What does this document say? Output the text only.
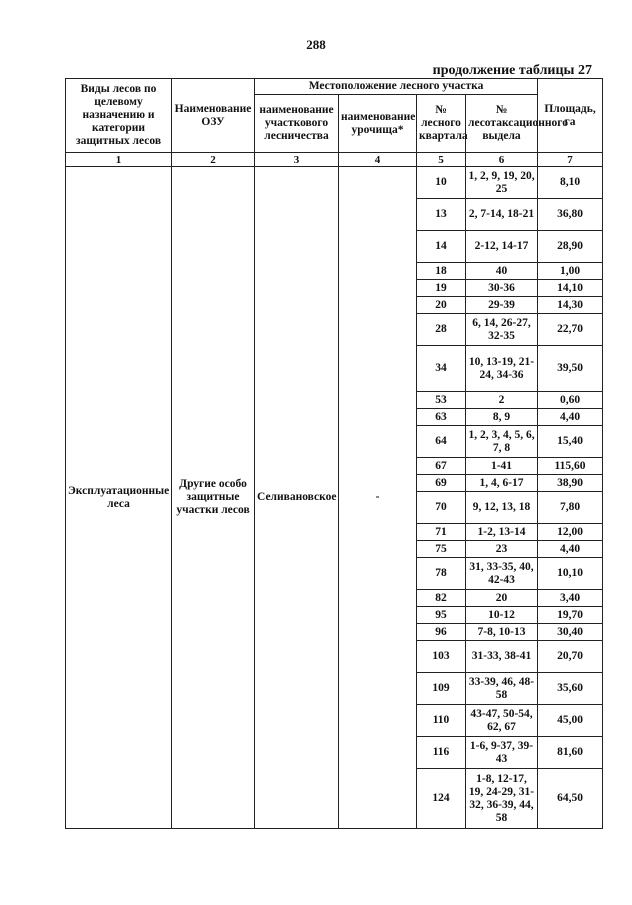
288
продолжение таблицы 27
Виды лесов по целевому назначению и категории защитных лесов	Наименование ОЗУ	Местоположение лесного участка				Площадь, га
		наименование участкового лесничества	наименование урочища*	№ лесного квартала	№ лесотаксационного выдела	
1	2	3	4	5	6	7
Эксплуатационные леса	Другие особо защитные участки лесов	Селивановское	-	10	1, 2, 9, 19, 20, 25	8,10
				13	2, 7-14, 18-21	36,80
				14	2-12, 14-17	28,90
				18	40	1,00
				19	30-36	14,10
				20	29-39	14,30
				28	6, 14, 26-27, 32-35	22,70
				34	10, 13-19, 21-24, 34-36	39,50
				53	2	0,60
				63	8, 9	4,40
				64	1, 2, 3, 4, 5, 6, 7, 8	15,40
				67	1-41	115,60
				69	1, 4, 6-17	38,90
				70	9, 12, 13, 18	7,80
				71	1-2, 13-14	12,00
				75	23	4,40
				78	31, 33-35, 40, 42-43	10,10
				82	20	3,40
				95	10-12	19,70
				96	7-8, 10-13	30,40
				103	31-33, 38-41	20,70
				109	33-39, 46, 48-58	35,60
				110	43-47, 50-54, 62, 67	45,00
				116	1-6, 9-37, 39-43	81,60
				124	1-8, 12-17, 19, 24-29, 31-32, 36-39, 44, 58	64,50
